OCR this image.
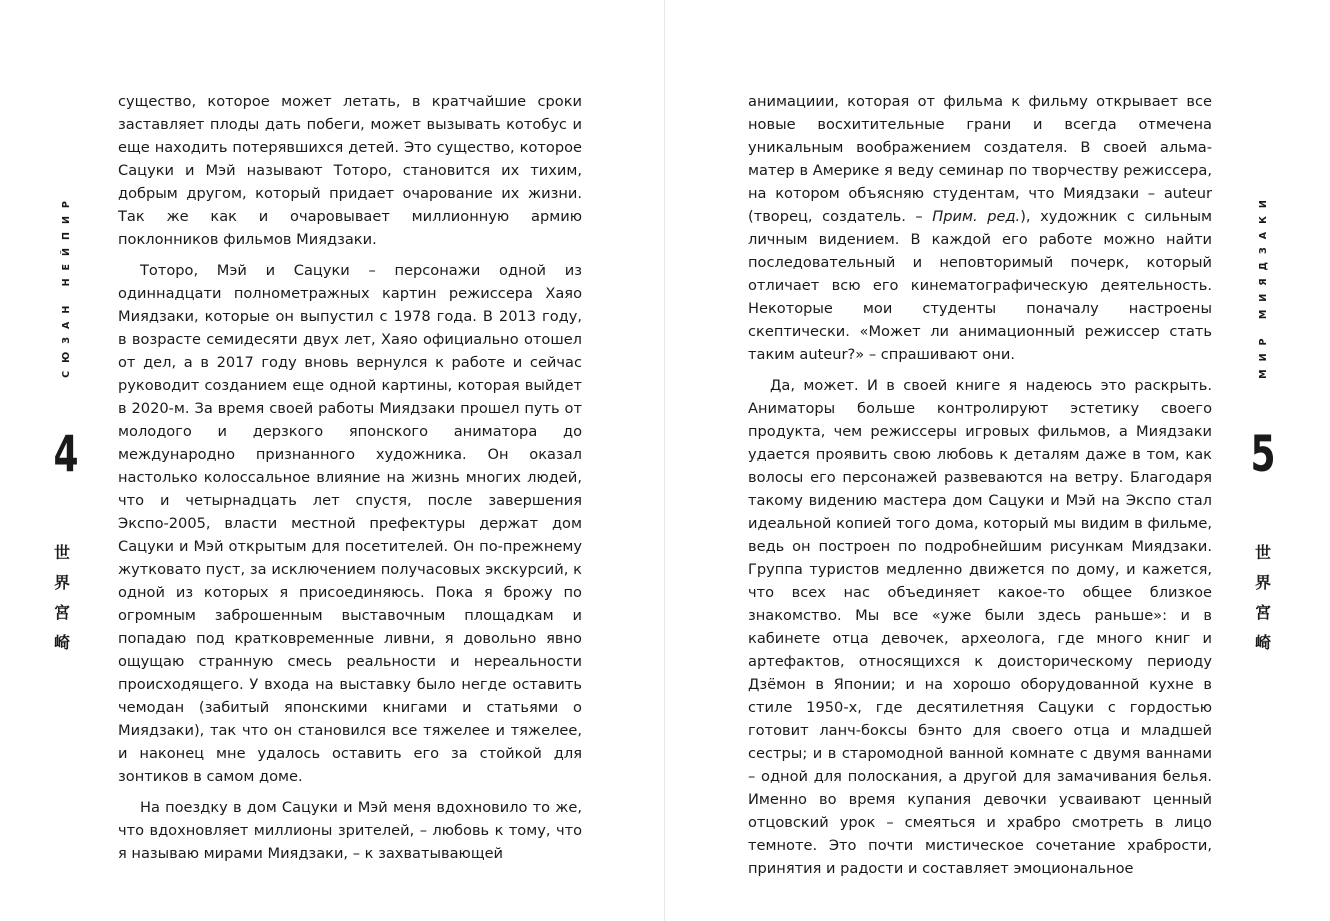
СЮЗАН НЕЙПИР
4
世
界
宮
崎

существо, которое может летать, в кратчайшие сроки заставляет плоды дать побеги, может вызывать котобус и еще находить потерявшихся детей. Это существо, которое Сацуки и Мэй называют Тоторо, становится их тихим, добрым другом, который придает очарование их жизни. Так же как и очаровывает миллионную армию поклонников фильмов Миядзаки.

Тоторо, Мэй и Сацуки – персонажи одной из одиннадцати полнометражных картин режиссера Хаяо Миядзаки, которые он выпустил с 1978 года. В 2013 году, в возрасте семидесяти двух лет, Хаяо официально отошел от дел, а в 2017 году вновь вернулся к работе и сейчас руководит созданием еще одной картины, которая выйдет в 2020-м. За время своей работы Миядзаки прошел путь от молодого и дерзкого японского аниматора до международно признанного художника. Он оказал настолько колоссальное влияние на жизнь многих людей, что и четырнадцать лет спустя, после завершения Экспо-2005, власти местной префектуры держат дом Сацуки и Мэй открытым для посетителей. Он по-прежнему жутковато пуст, за исключением получасовых экскурсий, к одной из которых я присоединяюсь. Пока я брожу по огромным заброшенным выставочным площадкам и попадаю под кратковременные ливни, я довольно явно ощущаю странную смесь реальности и нереальности происходящего. У входа на выставку было негде оставить чемодан (забитый японскими книгами и статьями о Миядзаки), так что он становился все тяжелее и тяжелее, и наконец мне удалось оставить его за стойкой для зонтиков в самом доме.

На поездку в дом Сацуки и Мэй меня вдохновило то же, что вдохновляет миллионы зрителей, – любовь к тому, что я называю мирами Миядзаки, – к захватывающей

анимациии, которая от фильма к фильму открывает все новые восхитительные грани и всегда отмечена уникальным воображением создателя. В своей альма-матер в Америке я веду семинар по творчеству режиссера, на котором объясняю студентам, что Миядзаки – auteur (творец, создатель. – Прим. ред.), художник с сильным личным видением. В каждой его работе можно найти последовательный и неповторимый почерк, который отличает всю его кинематографическую деятельность. Некоторые мои студенты поначалу настроены скептически. «Может ли анимационный режиссер стать таким auteur?» – спрашивают они.

Да, может. И в своей книге я надеюсь это раскрыть. Аниматоры больше контролируют эстетику своего продукта, чем режиссеры игровых фильмов, а Миядзаки удается проявить свою любовь к деталям даже в том, как волосы его персонажей развеваются на ветру. Благодаря такому видению мастера дом Сацуки и Мэй на Экспо стал идеальной копией того дома, который мы видим в фильме, ведь он построен по подробнейшим рисункам Миядзаки. Группа туристов медленно движется по дому, и кажется, что всех нас объединяет какое-то общее близкое знакомство. Мы все «уже были здесь раньше»: и в кабинете отца девочек, археолога, где много книг и артефактов, относящихся к доисторическому периоду Дзёмон в Японии; и на хорошо оборудованной кухне в стиле 1950-х, где десятилетняя Сацуки с гордостью готовит ланч-боксы бэнто для своего отца и младшей сестры; и в старомодной ванной комнате с двумя ваннами – одной для полоскания, а другой для замачивания белья. Именно во время купания девочки усваивают ценный отцовский урок – смеяться и храбро смотреть в лицо темноте. Это почти мистическое сочетание храбрости, принятия и радости и составляет эмоциональное

МИР МИЯДЗАКИ
5
世
界
宮
崎
